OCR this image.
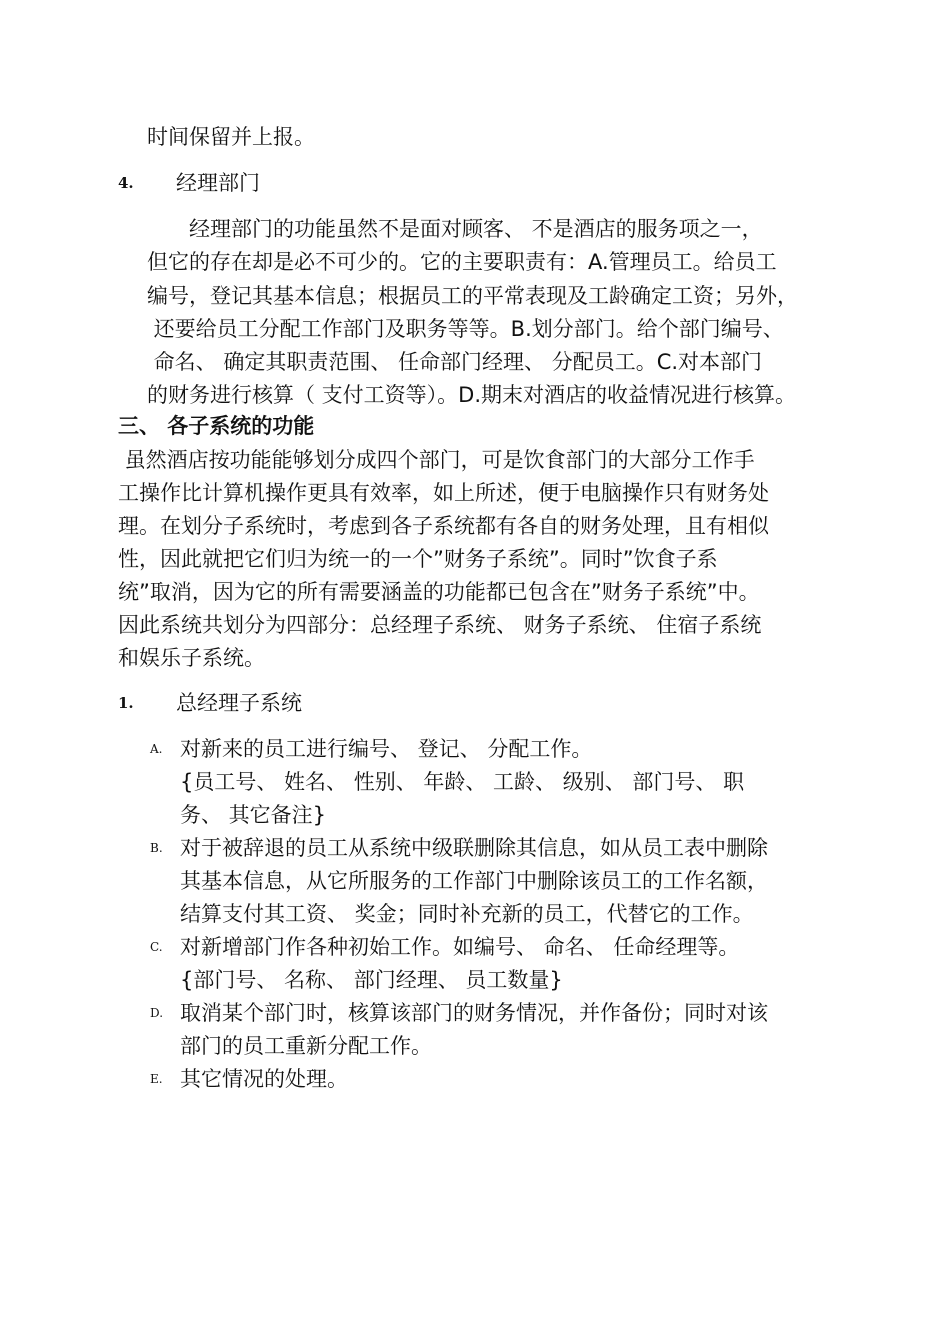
时间保留并上报。
4. 经理部门
　　经理部门的功能虽然不是面对顾客、 不是酒店的服务项之一，
但它的存在却是必不可少的。它的主要职责有：A.管理员工。给员工
编号，登记其基本信息；根据员工的平常表现及工龄确定工资；另外，
还要给员工分配工作部门及职务等等。B.划分部门。给个部门编号、
命名、 确定其职责范围、 任命部门经理、 分配员工。C.对本部门
的财务进行核算（ 支付工资等）。D.期末对酒店的收益情况进行核算。
三、 各子系统的功能
虽然酒店按功能能够划分成四个部门，可是饮食部门的大部分工作手
工操作比计算机操作更具有效率，如上所述，便于电脑操作只有财务处
理。在划分子系统时，考虑到各子系统都有各自的财务处理，且有相似
性，因此就把它们归为统一的一个”财务子系统”。同时”饮食子系
统”取消，因为它的所有需要涵盖的功能都已包含在”财务子系统”中。
因此系统共划分为四部分：总经理子系统、 财务子系统、 住宿子系统
和娱乐子系统。
1. 总经理子系统
A. 对新来的员工进行编号、 登记、 分配工作。
{员工号、 姓名、 性别、 年龄、 工龄、 级别、 部门号、 职
务、 其它备注}
B. 对于被辞退的员工从系统中级联删除其信息，如从员工表中删除
其基本信息，从它所服务的工作部门中删除该员工的工作名额，
结算支付其工资、 奖金；同时补充新的员工，代替它的工作。
C. 对新增部门作各种初始工作。如编号、 命名、 任命经理等。
{部门号、 名称、 部门经理、 员工数量}
D. 取消某个部门时，核算该部门的财务情况，并作备份；同时对该
部门的员工重新分配工作。
E. 其它情况的处理。
